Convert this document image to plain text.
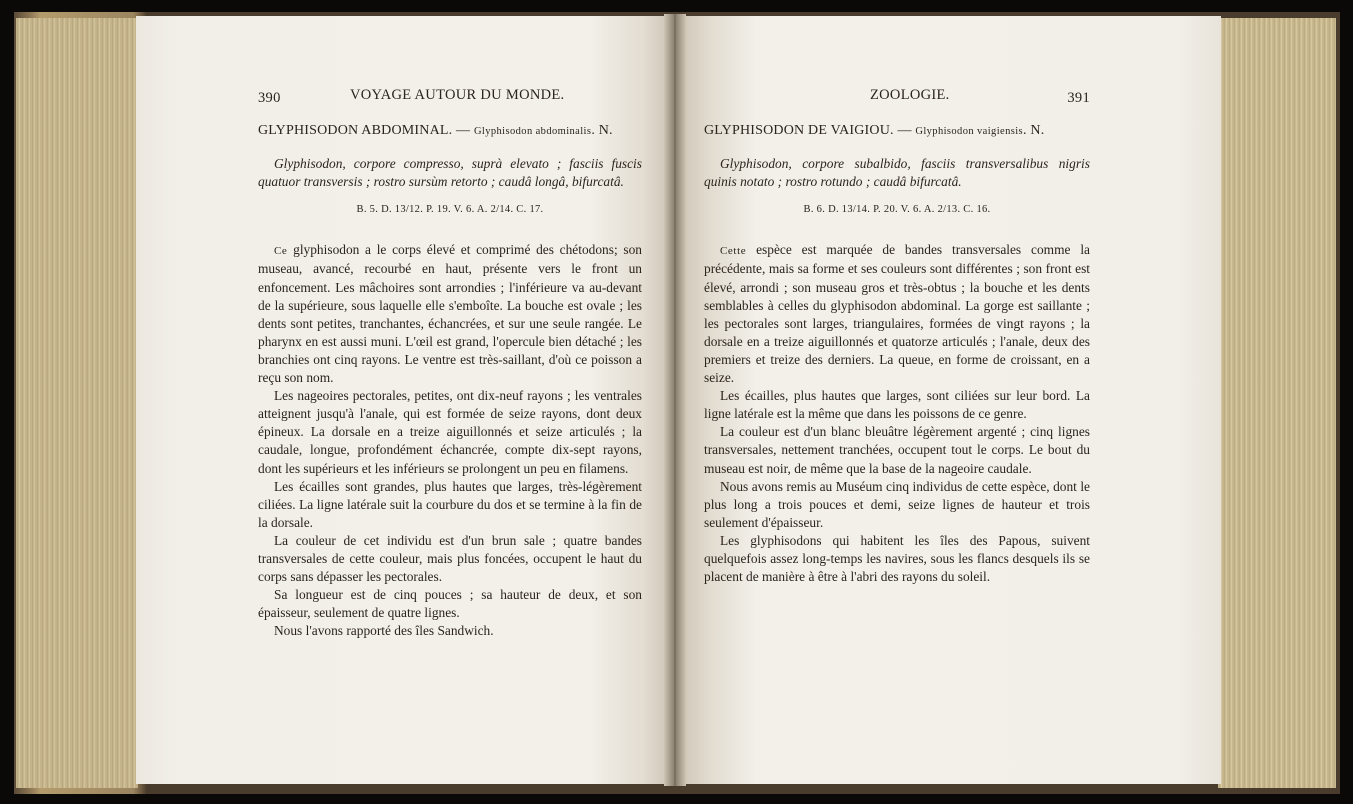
390	VOYAGE AUTOUR DU MONDE.
GLYPHISODON ABDOMINAL. — Glyphisodon abdominalis. N.

Glyphisodon, corpore compresso, suprà elevato ; fasciis fuscis quatuor transversis ; rostro sursùm retorto ; caudâ longâ, bifurcatâ.

B. 5. D. 13/12. P. 19. V. 6. A. 2/14. C. 17.

Ce glyphisodon a le corps élevé et comprimé des chétodons; son museau, avancé, recourbé en haut, présente vers le front un enfoncement. Les mâchoires sont arrondies ; l'inférieure va au-devant de la supérieure, sous laquelle elle s'emboîte. La bouche est ovale ; les dents sont petites, tranchantes, échancrées, et sur une seule rangée. Le pharynx en est aussi muni. L'œil est grand, l'opercule bien détaché ; les branchies ont cinq rayons. Le ventre est très-saillant, d'où ce poisson a reçu son nom.

Les nageoires pectorales, petites, ont dix-neuf rayons ; les ventrales atteignent jusqu'à l'anale, qui est formée de seize rayons, dont deux épineux. La dorsale en a treize aiguillonnés et seize articulés ; la caudale, longue, profondément échancrée, compte dix-sept rayons, dont les supérieurs et les inférieurs se prolongent un peu en filamens.

Les écailles sont grandes, plus hautes que larges, très-légèrement ciliées. La ligne latérale suit la courbure du dos et se termine à la fin de la dorsale.

La couleur de cet individu est d'un brun sale ; quatre bandes transversales de cette couleur, mais plus foncées, occupent le haut du corps sans dépasser les pectorales.

Sa longueur est de cinq pouces ; sa hauteur de deux, et son épaisseur, seulement de quatre lignes.

Nous l'avons rapporté des îles Sandwich.

ZOOLOGIE.	391
GLYPHISODON DE VAIGIOU. — Glyphisodon vaigiensis. N.

Glyphisodon, corpore subalbido, fasciis transversalibus nigris quinis notato ; rostro rotundo ; caudâ bifurcatâ.

B. 6. D. 13/14. P. 20. V. 6. A. 2/13. C. 16.

Cette espèce est marquée de bandes transversales comme la précédente, mais sa forme et ses couleurs sont différentes ; son front est élevé, arrondi ; son museau gros et très-obtus ; la bouche et les dents semblables à celles du glyphisodon abdominal. La gorge est saillante ; les pectorales sont larges, triangulaires, formées de vingt rayons ; la dorsale en a treize aiguillonnés et quatorze articulés ; l'anale, deux des premiers et treize des derniers. La queue, en forme de croissant, en a seize.

Les écailles, plus hautes que larges, sont ciliées sur leur bord. La ligne latérale est la même que dans les poissons de ce genre.

La couleur est d'un blanc bleuâtre légèrement argenté ; cinq lignes transversales, nettement tranchées, occupent tout le corps. Le bout du museau est noir, de même que la base de la nageoire caudale.

Nous avons remis au Muséum cinq individus de cette espèce, dont le plus long a trois pouces et demi, seize lignes de hauteur et trois seulement d'épaisseur.

Les glyphisodons qui habitent les îles des Papous, suivent quelquefois assez long-temps les navires, sous les flancs desquels ils se placent de manière à être à l'abri des rayons du soleil.
